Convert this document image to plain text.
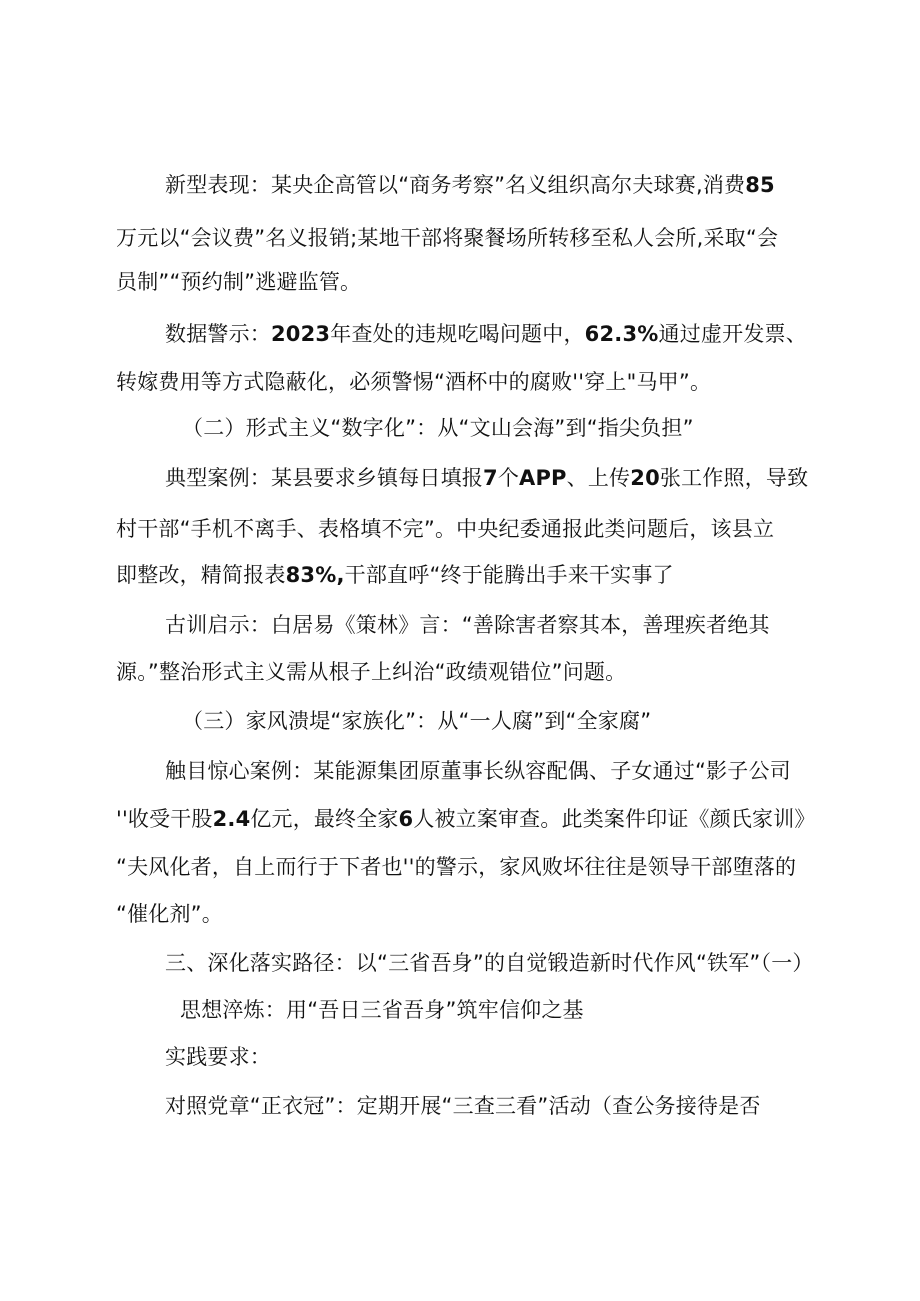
新型表现：某央企高管以“商务考察”名义组织高尔夫球赛,消费85
万元以“会议费”名义报销;某地干部将聚餐场所转移至私人会所,采取“会
员制”“预约制”逃避监管。
数据警示：2023年查处的违规吃喝问题中，62.3%通过虚开发票、
转嫁费用等方式隐蔽化，必须警惕“酒杯中的腐败''穿上"马甲”。
（二）形式主义“数字化”：从“文山会海”到“指尖负担”
典型案例：某县要求乡镇每日填报7个APP、上传20张工作照，导致
村干部“手机不离手、表格填不完”。中央纪委通报此类问题后，该县立
即整改，精简报表83%,干部直呼“终于能腾出手来干实事了
古训启示：白居易《策林》言：“善除害者察其本，善理疾者绝其
源。”整治形式主义需从根子上纠治“政绩观错位”问题。
（三）家风溃堤“家族化”：从“一人腐”到“全家腐”
触目惊心案例：某能源集团原董事长纵容配偶、子女通过“影子公司
''收受干股2.4亿元，最终全家6人被立案审查。此类案件印证《颜氏家训》
“夫风化者，自上而行于下者也''的警示，家风败坏往往是领导干部堕落的
“催化剂”。
三、深化落实路径：以“三省吾身”的自觉锻造新时代作风“铁军”（一）
思想淬炼：用“吾日三省吾身”筑牢信仰之基
实践要求：
对照党章“正衣冠”：定期开展“三查三看”活动（查公务接待是否
